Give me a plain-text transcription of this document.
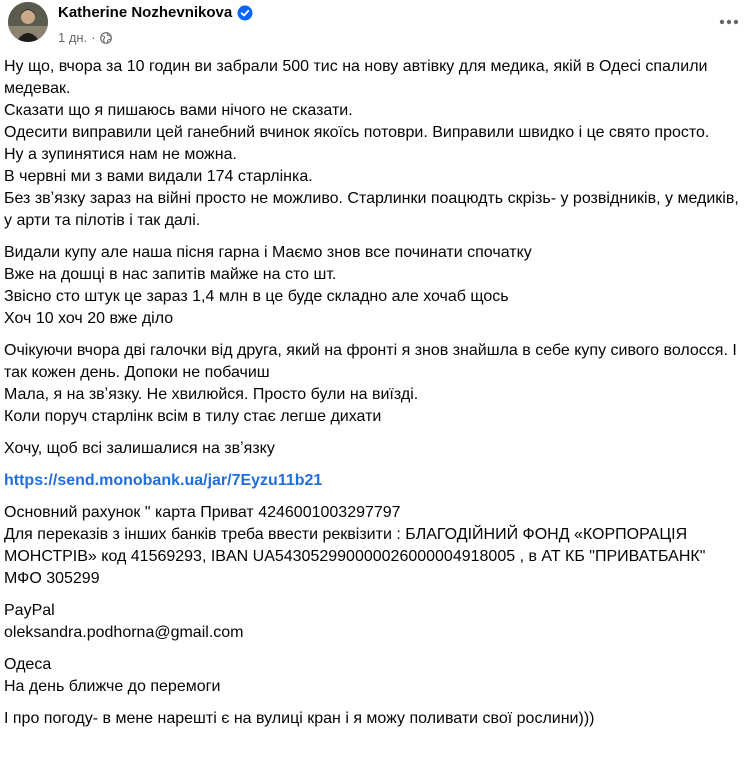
Katherine Nozhevnikova
1 дн. ·
Ну що, вчора за 10 годин ви забрали 500 тис на нову автівку для медика, якій в Одесі спалили медевак.
Сказати що я пишаюсь вами нічого не сказати.
Одесити виправили цей ганебний вчинок якоїсь потоври. Виправили швидко і це свято просто.
Ну а зупинятися нам не можна.
В червні ми з вами видали 174 старлінка.
Без звʼязку зараз на війні просто не можливо. Старлинки поацюдть скрізь- у розвідників, у медиків, у арти та пілотів і так далі.
Видали купу але наша пісня гарна і Маємо знов все починати спочатку
Вже на дошці в нас запитів майже на сто шт.
Звісно сто штук це зараз 1,4 млн в це буде складно але хочаб щось
Хоч 10 хоч 20 вже діло
Очікуючи вчора дві галочки від друга, який на фронті я знов знайшла в себе купу сивого волосся. І так кожен день. Допоки не побачиш
Мала, я на звʼязку. Не хвилюйся. Просто були на виїзді.
Коли поруч старлінк всім в тилу стає легше дихати
Хочу, щоб всі залишалися на звʼязку
https://send.monobank.ua/jar/7Eyzu11b21
Основний рахунок " карта Приват 4246001003297797
Для переказів з інших банків треба ввести реквізити : БЛАГОДІЙНИЙ ФОНД «КОРПОРАЦІЯ МОНСТРІВ» код 41569293, IBAN UA543052990000026000004918005 , в АТ КБ "ПРИВАТБАНК" МФО 305299
PayPal
oleksandra.podhorna@gmail.com
Одеса
На день ближче до перемоги
І про погоду- в мене нарешті є на вулиці кран і я можу поливати свої рослини)))
